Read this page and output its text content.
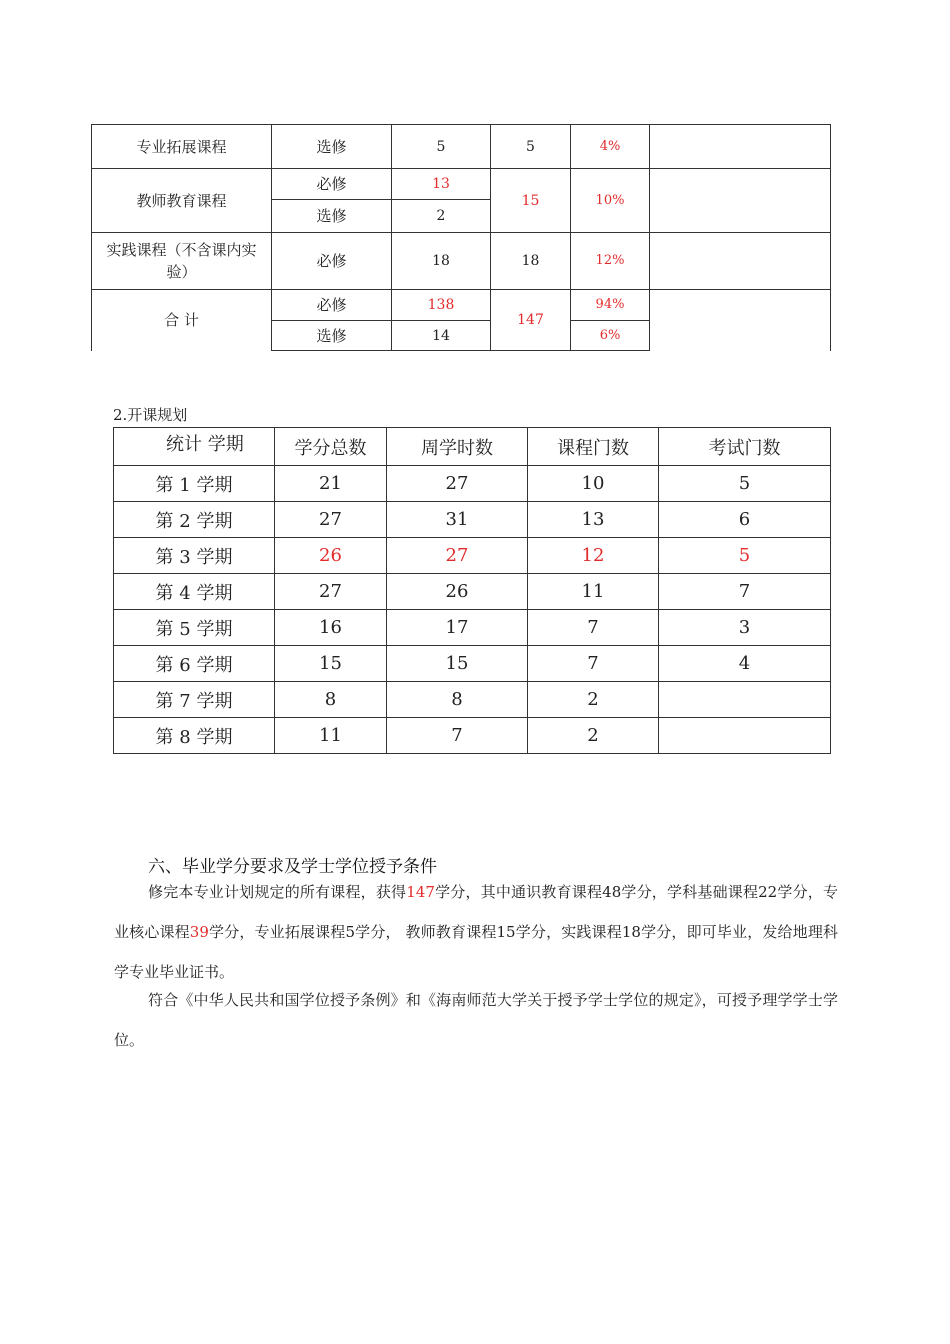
专业拓展课程	选修	5	5	4%	
教师教育课程	必修	13	15	10%	
	选修	2			
实践课程（不含课内实验）	必修	18	18	12%	
合 计	必修	138	147	94%	
	选修	14		6%	
2.开课规划
统计 学期	学分总数	周学时数	课程门数	考试门数
第 1 学期	21	27	10	5
第 2 学期	27	31	13	6
第 3 学期	26	27	12	5
第 4 学期	27	26	11	7
第 5 学期	16	17	7	3
第 6 学期	15	15	7	4
第 7 学期	8	8	2	
第 8 学期	11	7	2	
六、毕业学分要求及学士学位授予条件

修完本专业计划规定的所有课程，获得147学分，其中通识教育课程48学分，学科基础课程22学分，专业核心课程39学分，专业拓展课程5学分， 教师教育课程15学分，实践课程18学分，即可毕业，发给地理科学专业毕业证书。

符合《中华人民共和国学位授予条例》和《海南师范大学关于授予学士学位的规定》，可授予理学学士学位。
